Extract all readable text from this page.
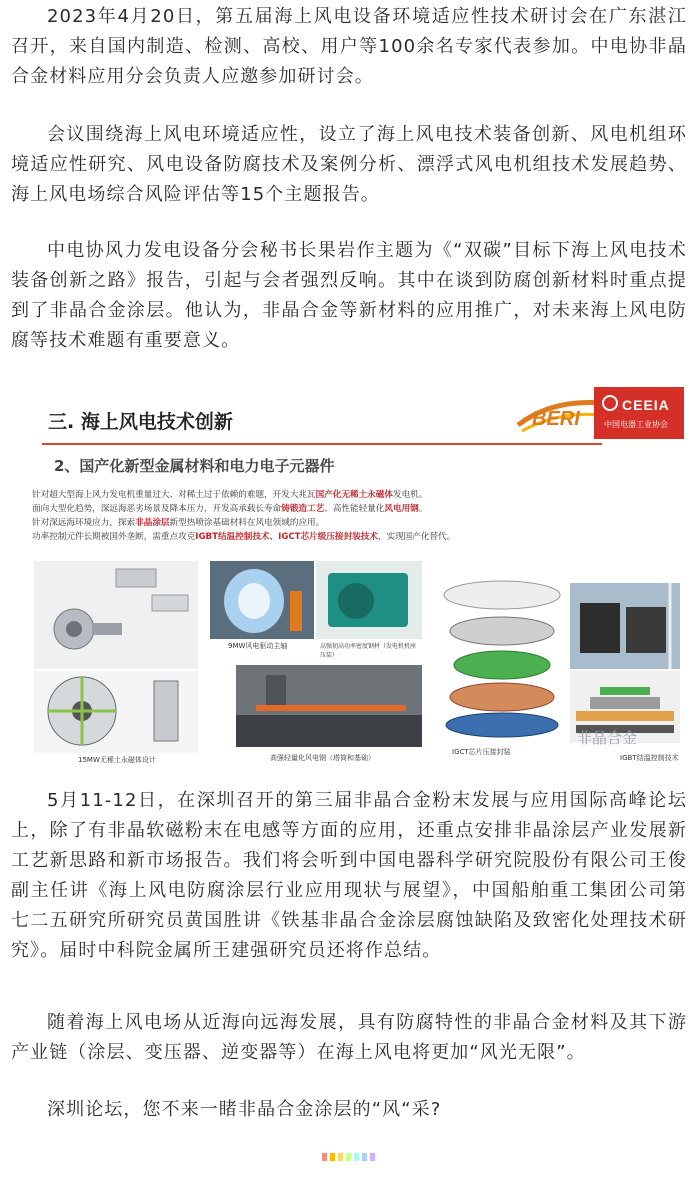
2023年4月20日，第五届海上风电设备环境适应性技术研讨会在广东湛江召开，来自国内制造、检测、高校、用户等100余名专家代表参加。中电协非晶合金材料应用分会负责人应邀参加研讨会。

会议围绕海上风电环境适应性，设立了海上风电技术装备创新、风电机组环境适应性研究、风电设备防腐技术及案例分析、漂浮式风电机组技术发展趋势、海上风电场综合风险评估等15个主题报告。

中电协风力发电设备分会秘书长果岩作主题为《“双碳”目标下海上风电技术装备创新之路》报告，引起与会者强烈反响。其中在谈到防腐创新材料时重点提到了非晶合金涂层。他认为，非晶合金等新材料的应用推广，对未来海上风电防腐等技术难题有重要意义。

三. 海上风电技术创新	BERI
CEEIA
中国电器工业协会
2、国产化新型金属材料和电力电子元器件
针对超大型海上风力发电机重量过大、对稀土过于依赖的难题，开发大兆瓦国产化无稀土永磁体发电机。
面向大型化趋势，深远海恶劣场景及降本压力，开发高承载长寿命铸锻造工艺、高性能轻量化风电用钢。
针对深远海环境应力，探索非晶涂层新型热喷涂基础材料在风电领域的应用。
功率控制元件长期被国外垄断，需重点攻克IGBT结温控制技术、IGCT芯片级压接封装技术，实现国产化替代。
15MW无稀土永磁体设计
9MW风电驱动主轴	高强韧高功率密度钢材（发电机机座压装）
高强轻量化风电钢（塔筒和基础）
IGCT芯片压接封装
IGBT结温控制技术
非晶合金

5月11-12日，在深圳召开的第三届非晶合金粉末发展与应用国际高峰论坛上，除了有非晶软磁粉末在电感等方面的应用，还重点安排非晶涂层产业发展新工艺新思路和新市场报告。我们将会听到中国电器科学研究院股份有限公司王俊副主任讲《海上风电防腐涂层行业应用现状与展望》，中国船舶重工集团公司第七二五研究所研究员黄国胜讲《铁基非晶合金涂层腐蚀缺陷及致密化处理技术研究》。届时中科院金属所王建强研究员还将作总结。

随着海上风电场从近海向远海发展，具有防腐特性的非晶合金材料及其下游产业链（涂层、变压器、逆变器等）在海上风电将更加“风光无限”。

深圳论坛，您不来一睹非晶合金涂层的“风“采?
